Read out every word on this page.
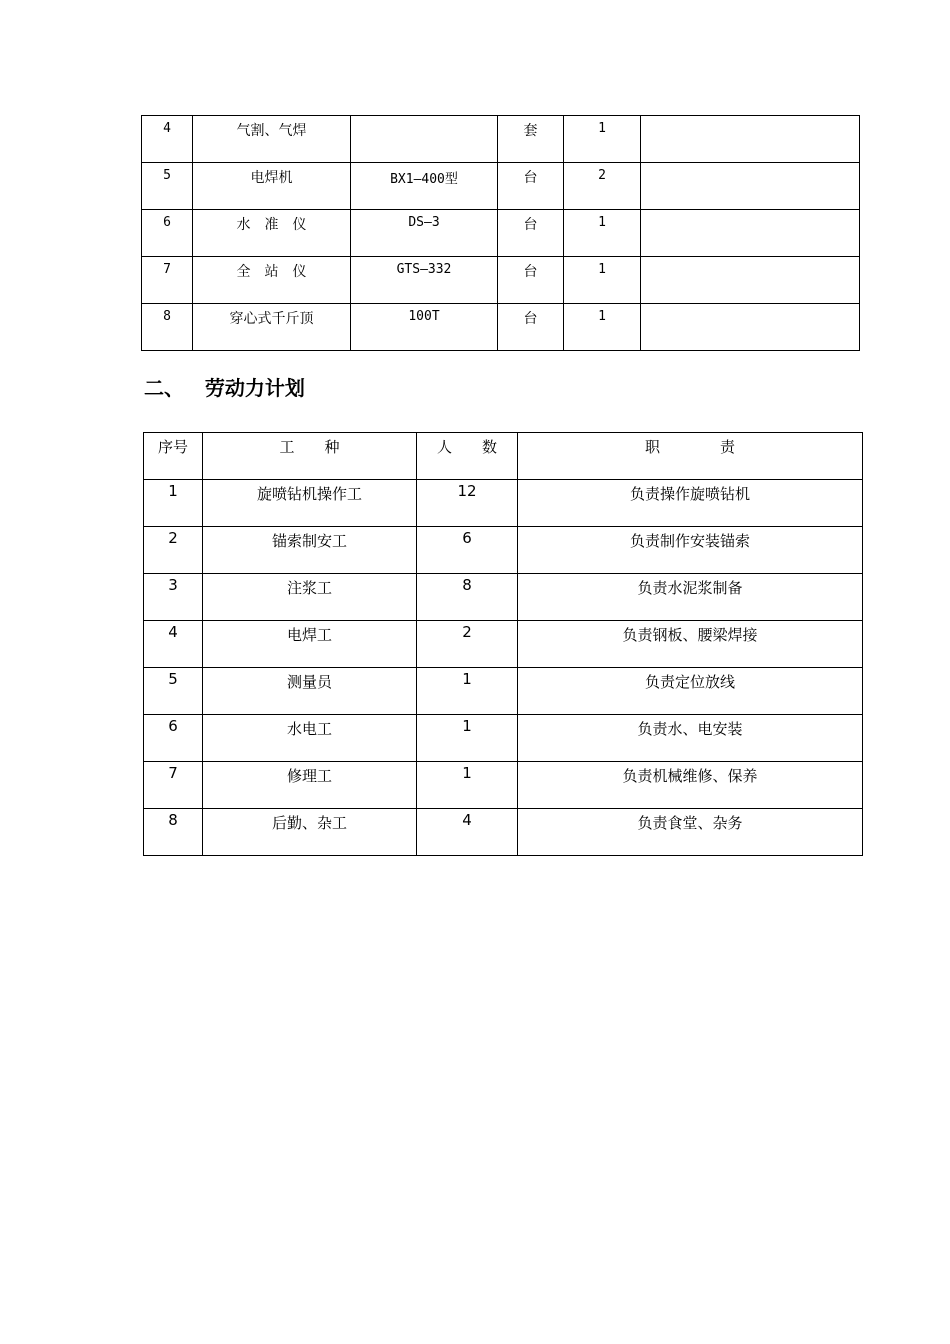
4	气割、气焊		套	1	
5	电焊机	BX1—400型	台	2	
6	水　准　仪	DS—3	台	1	
7	全　站　仪	GTS—332	台	1	
8	穿心式千斤顶	100T	台	1	
二、 劳动力计划
序号	工　　种	人　　数	职　　　　责
1	旋喷钻机操作工	12	负责操作旋喷钻机
2	锚索制安工	6	负责制作安装锚索
3	注浆工	8	负责水泥浆制备
4	电焊工	2	负责钢板、腰梁焊接
5	测量员	1	负责定位放线
6	水电工	1	负责水、电安装
7	修理工	1	负责机械维修、保养
8	后勤、杂工	4	负责食堂、杂务
